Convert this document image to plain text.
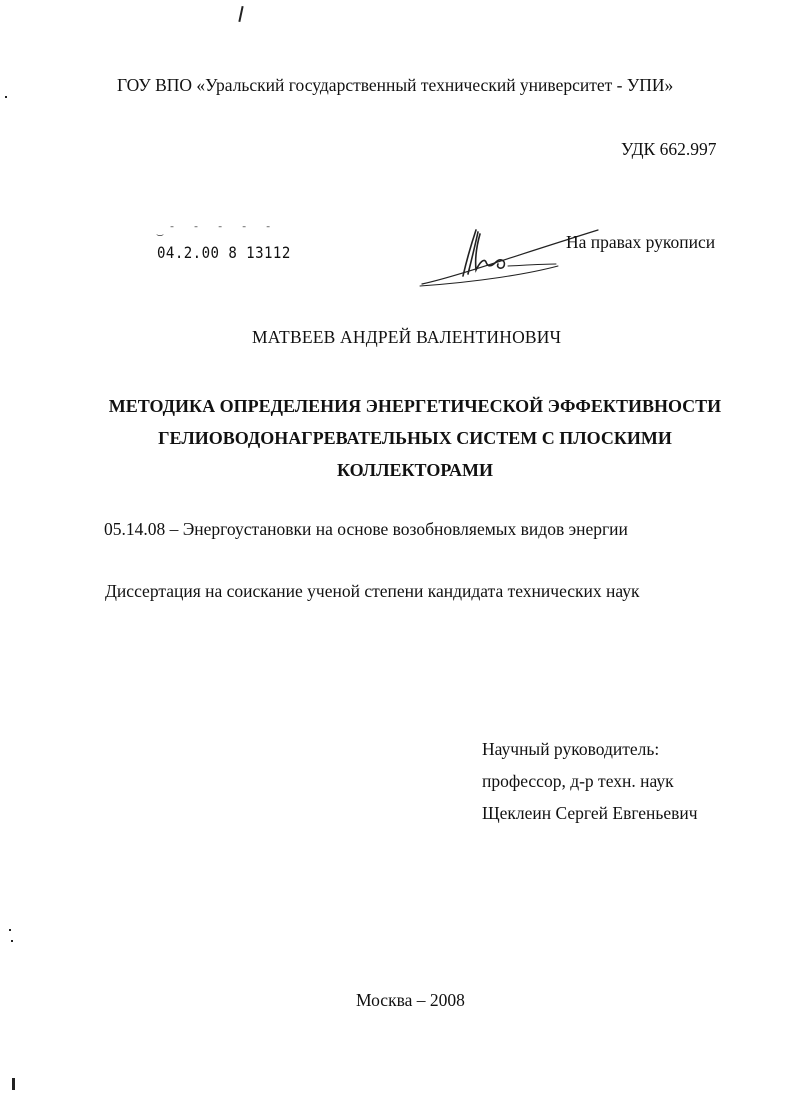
ГОУ ВПО «Уральский государственный технический университет - УПИ»
УДК 662.997
‿ˉ ˉ ˉ ˉ ˉ
04.2.00 8 13112
На правах рукописи
МАТВЕЕВ АНДРЕЙ ВАЛЕНТИНОВИЧ
МЕТОДИКА ОПРЕДЕЛЕНИЯ ЭНЕРГЕТИЧЕСКОЙ ЭФФЕКТИВНОСТИ ГЕЛИОВОДОНАГРЕВАТЕЛЬНЫХ СИСТЕМ С ПЛОСКИМИ КОЛЛЕКТОРАМИ
05.14.08 – Энергоустановки на основе возобновляемых видов энергии
Диссертация на соискание ученой степени кандидата технических наук
Научный руководитель:
профессор, д-р техн. наук
Щеклеин Сергей Евгеньевич
Москва – 2008
